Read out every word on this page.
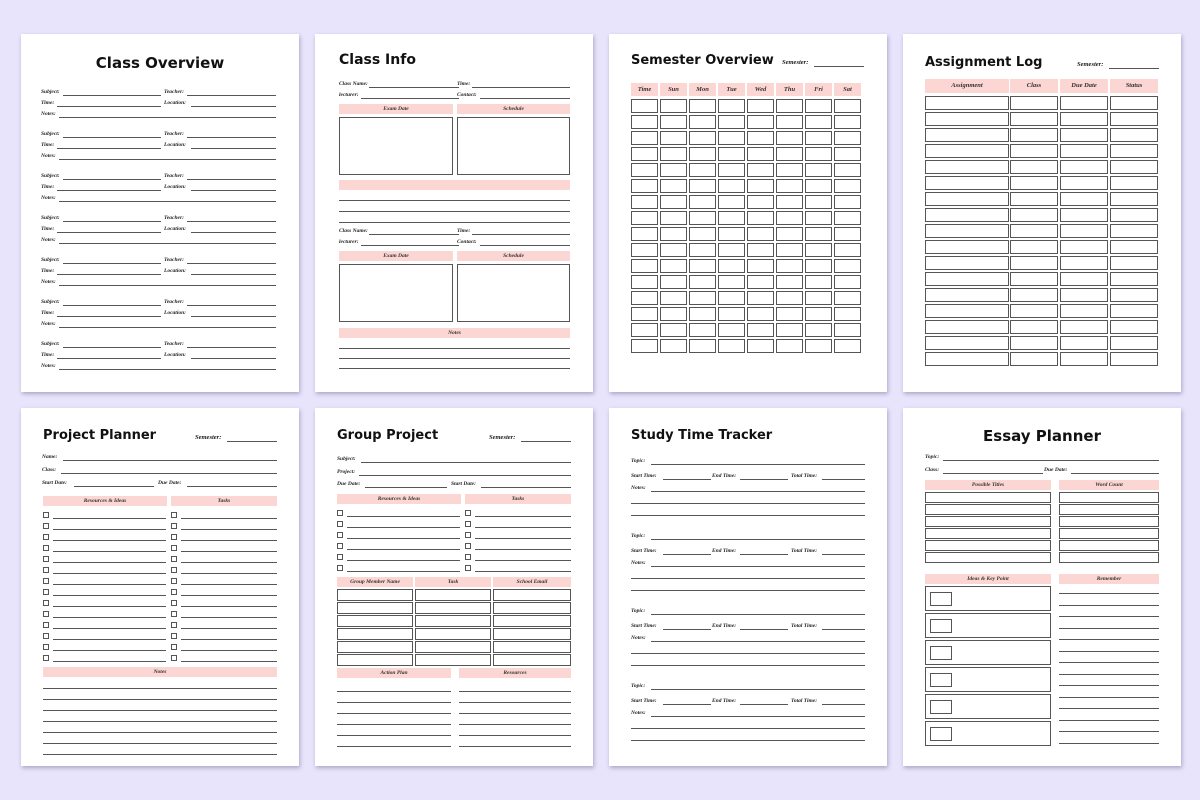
Class Overview
Subject:	Teacher:
Time:	Location:
Notes:
Subject:	Teacher:
Time:	Location:
Notes:
Subject:	Teacher:
Time:	Location:
Notes:
Subject:	Teacher:
Time:	Location:
Notes:
Subject:	Teacher:
Time:	Location:
Notes:
Subject:	Teacher:
Time:	Location:
Notes:
Subject:	Teacher:
Time:	Location:
Notes:
Class Info
Class Name:	Time:
lecturer:	Contact:
Exam Date	Schedule
Class Name:	Time:
lecturer:	Contact:
Exam Date	Schedule
Notes
Semester Overview Semester:
Time	Sun	Mon	Tue	Wed	Thu	Fri	Sat
Assignment Log	Semester:
Assignment	Class	Due Date	Status
Project Planner	Semester:
Name:
Class:
Start Date:	Due Date:
Resources & Ideas	Tasks
Notes
Group Project	Semester:
Subject:
Project:
Due Date:	Start Date:
Resources & Ideas	Tasks
Group Member Name	Task	School Email
Action Plan	Resources
Study Time Tracker
Topic:
Start Time:	End Time:	Total Time:
Notes:
Topic:
Start Time:	End Time:	Total Time:
Notes:
Topic:
Start Time:	End Time:	Total Time:
Notes:
Topic:
Start Time:	End Time:	Total Time:
Notes:
Essay Planner
Topic:
Class:	Due Date:
Possible Titles	Word Count
Ideas & Key Point	Remember
